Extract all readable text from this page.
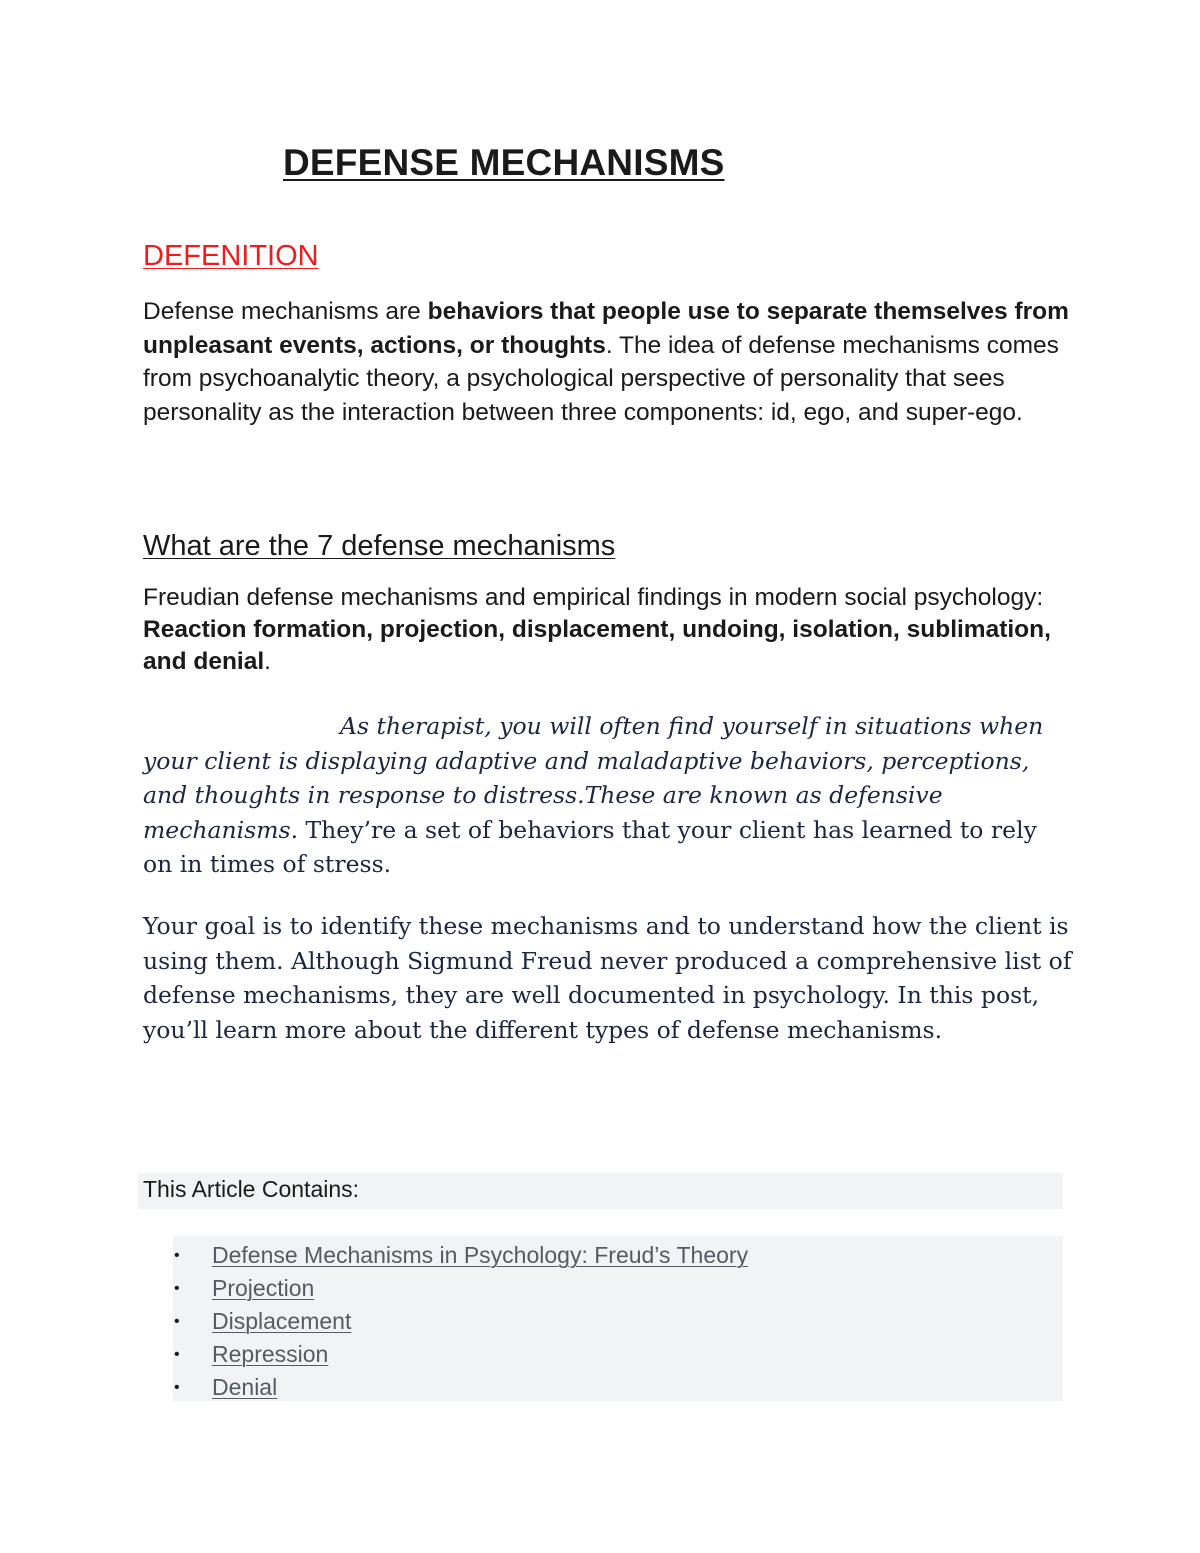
DEFENSE MECHANISMS
DEFENITION

Defense mechanisms are behaviors that people use to separate themselves from unpleasant events, actions, or thoughts. The idea of defense mechanisms comes from psychoanalytic theory, a psychological perspective of personality that sees personality as the interaction between three components: id, ego, and super-ego.

What are the 7 defense mechanisms

Freudian defense mechanisms and empirical findings in modern social psychology: Reaction formation, projection, displacement, undoing, isolation, sublimation, and denial.

As therapist, you will often find yourself in situations when your client is displaying adaptive and maladaptive behaviors, perceptions, and thoughts in response to distress.These are known as defensive mechanisms. They’re a set of behaviors that your client has learned to rely on in times of stress.

Your goal is to identify these mechanisms and to understand how the client is using them. Although Sigmund Freud never produced a comprehensive list of defense mechanisms, they are well documented in psychology. In this post, you’ll learn more about the different types of defense mechanisms.

This Article Contains:

• Defense Mechanisms in Psychology: Freud’s Theory
• Projection
• Displacement
• Repression
• Denial
